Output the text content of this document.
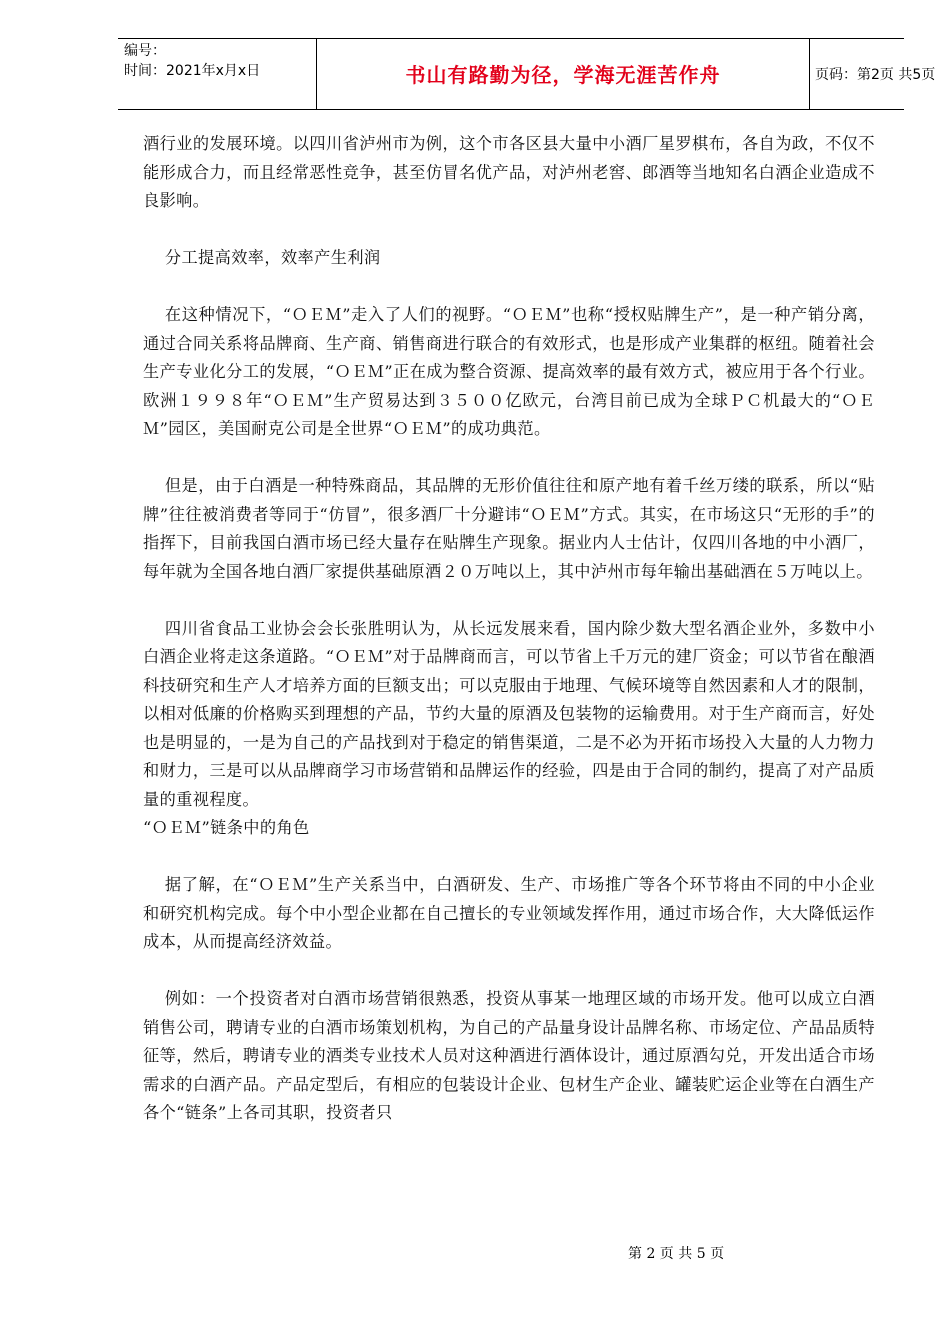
编号：
时间：2021年x月x日	书山有路勤为径，学海无涯苦作舟	页码：第2页 共5页

酒行业的发展环境。以四川省泸州市为例，这个市各区县大量中小酒厂星罗棋布，各自为政，不仅不能形成合力，而且经常恶性竞争，甚至仿冒名优产品，对泸州老窖、郎酒等当地知名白酒企业造成不良影响。

分工提高效率，效率产生利润

在这种情况下，“ＯＥＭ”走入了人们的视野。“ＯＥＭ”也称“授权贴牌生产”，是一种产销分离，通过合同关系将品牌商、生产商、销售商进行联合的有效形式，也是形成产业集群的枢纽。随着社会生产专业化分工的发展，“ＯＥＭ”正在成为整合资源、提高效率的最有效方式，被应用于各个行业。欧洲１９９８年“ＯＥＭ”生产贸易达到３５００亿欧元，台湾目前已成为全球ＰＣ机最大的“ＯＥＭ”园区，美国耐克公司是全世界“ＯＥＭ”的成功典范。

但是，由于白酒是一种特殊商品，其品牌的无形价值往往和原产地有着千丝万缕的联系，所以“贴牌”往往被消费者等同于“仿冒”，很多酒厂十分避讳“ＯＥＭ”方式。其实，在市场这只“无形的手”的指挥下，目前我国白酒市场已经大量存在贴牌生产现象。据业内人士估计，仅四川各地的中小酒厂，每年就为全国各地白酒厂家提供基础原酒２０万吨以上，其中泸州市每年输出基础酒在５万吨以上。

四川省食品工业协会会长张胜明认为，从长远发展来看，国内除少数大型名酒企业外，多数中小白酒企业将走这条道路。“ＯＥＭ”对于品牌商而言，可以节省上千万元的建厂资金；可以节省在酿酒科技研究和生产人才培养方面的巨额支出；可以克服由于地理、气候环境等自然因素和人才的限制，以相对低廉的价格购买到理想的产品，节约大量的原酒及包装物的运输费用。对于生产商而言，好处也是明显的，一是为自己的产品找到对于稳定的销售渠道，二是不必为开拓市场投入大量的人力物力和财力，三是可以从品牌商学习市场营销和品牌运作的经验，四是由于合同的制约，提高了对产品质量的重视程度。

“ＯＥＭ”链条中的角色

据了解，在“ＯＥＭ”生产关系当中，白酒研发、生产、市场推广等各个环节将由不同的中小企业和研究机构完成。每个中小型企业都在自己擅长的专业领域发挥作用，通过市场合作，大大降低运作成本，从而提高经济效益。

例如：一个投资者对白酒市场营销很熟悉，投资从事某一地理区域的市场开发。他可以成立白酒销售公司，聘请专业的白酒市场策划机构，为自己的产品量身设计品牌名称、市场定位、产品品质特征等，然后，聘请专业的酒类专业技术人员对这种酒进行酒体设计，通过原酒勾兑，开发出适合市场需求的白酒产品。产品定型后，有相应的包装设计企业、包材生产企业、罐装贮运企业等在白酒生产各个“链条”上各司其职，投资者只

第 2 页 共 5 页
